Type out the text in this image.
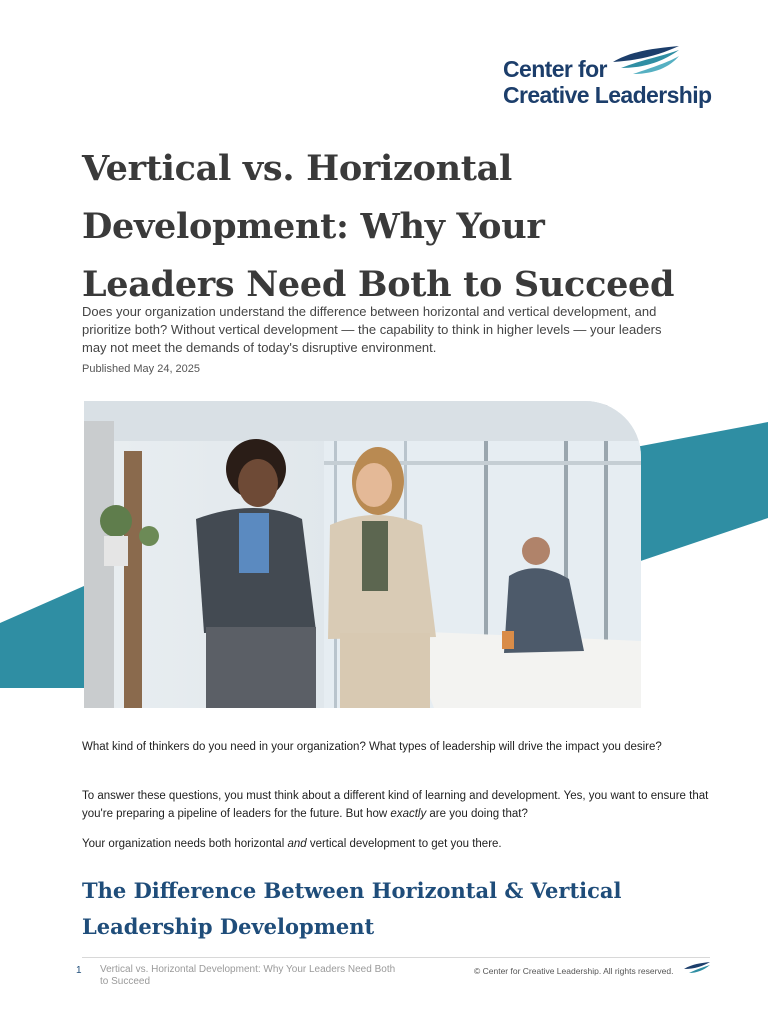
Center for
Creative Leadership
Vertical vs. Horizontal Development: Why Your Leaders Need Both to Succeed

Does your organization understand the difference between horizontal and vertical development, and prioritize both? Without vertical development — the capability to think in higher levels — your leaders may not meet the demands of today's disruptive environment.

Published May 24, 2025

What kind of thinkers do you need in your organization? What types of leadership will drive the impact you desire?

To answer these questions, you must think about a different kind of learning and development. Yes, you want to ensure that you're preparing a pipeline of leaders for the future. But how exactly are you doing that?

Your organization needs both horizontal and vertical development to get you there.

The Difference Between Horizontal & Vertical Leadership Development
1 Vertical vs. Horizontal Development: Why Your Leaders Need Both to Succeed

© Center for Creative Leadership. All rights reserved.
